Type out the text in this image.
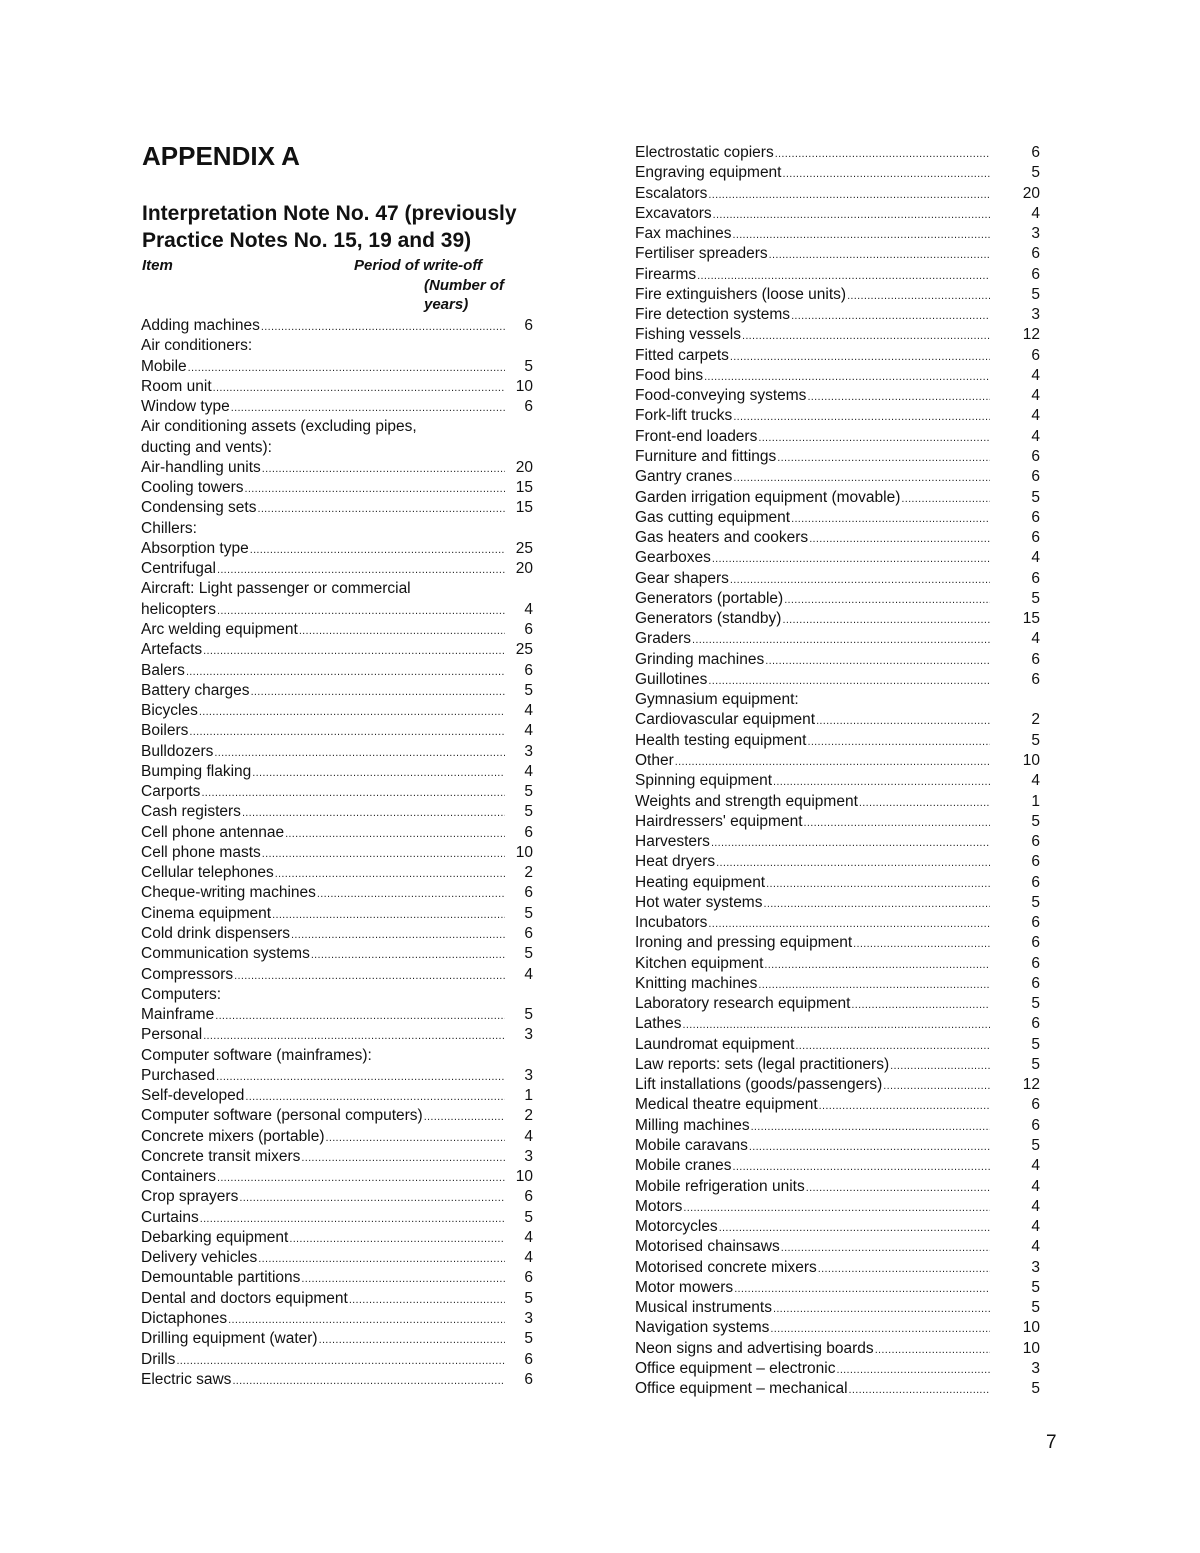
APPENDIX A
Interpretation Note No. 47 (previously
Practice Notes No. 15, 19 and 39)
Item	Period of write-off
(Number of
years)
Adding machines .....	6
Air conditioners:
Mobile .....	5
Room unit .....	10
Window type .....	6
Air conditioning assets (excluding pipes,
ducting and vents):
Air-handling units .....	20
Cooling towers .....	15
Condensing sets .....	15
Chillers:
Absorption type .....	25
Centrifugal .....	20
Aircraft: Light passenger or commercial
helicopters .....	4
Arc welding equipment .....	6
Artefacts .....	25
Balers .....	6
Battery charges .....	5
Bicycles .....	4
Boilers .....	4
Bulldozers .....	3
Bumping flaking .....	4
Carports .....	5
Cash registers .....	5
Cell phone antennae .....	6
Cell phone masts .....	10
Cellular telephones .....	2
Cheque-writing machines .....	6
Cinema equipment .....	5
Cold drink dispensers .....	6
Communication systems .....	5
Compressors .....	4
Computers:
Mainframe .....	5
Personal .....	3
Computer software (mainframes):
Purchased .....	3
Self-developed .....	1
Computer software (personal computers) .....	2
Concrete mixers (portable) .....	4
Concrete transit mixers .....	3
Containers .....	10
Crop sprayers .....	6
Curtains .....	5
Debarking equipment .....	4
Delivery vehicles .....	4
Demountable partitions .....	6
Dental and doctors equipment .....	5
Dictaphones .....	3
Drilling equipment (water) .....	5
Drills .....	6
Electric saws .....	6
Electrostatic copiers .....	6
Engraving equipment .....	5
Escalators .....	20
Excavators .....	4
Fax machines .....	3
Fertiliser spreaders .....	6
Firearms .....	6
Fire extinguishers (loose units) .....	5
Fire detection systems .....	3
Fishing vessels .....	12
Fitted carpets .....	6
Food bins .....	4
Food-conveying systems .....	4
Fork-lift trucks .....	4
Front-end loaders .....	4
Furniture and fittings .....	6
Gantry cranes .....	6
Garden irrigation equipment (movable) .....	5
Gas cutting equipment .....	6
Gas heaters and cookers .....	6
Gearboxes .....	4
Gear shapers .....	6
Generators (portable) .....	5
Generators (standby) .....	15
Graders .....	4
Grinding machines .....	6
Guillotines .....	6
Gymnasium equipment:
Cardiovascular equipment .....	2
Health testing equipment .....	5
Other .....	10
Spinning equipment .....	4
Weights and strength equipment .....	1
Hairdressers' equipment .....	5
Harvesters .....	6
Heat dryers .....	6
Heating equipment .....	6
Hot water systems .....	5
Incubators .....	6
Ironing and pressing equipment .....	6
Kitchen equipment .....	6
Knitting machines .....	6
Laboratory research equipment .....	5
Lathes .....	6
Laundromat equipment .....	5
Law reports: sets (legal practitioners) .....	5
Lift installations (goods/passengers) .....	12
Medical theatre equipment .....	6
Milling machines .....	6
Mobile caravans .....	5
Mobile cranes .....	4
Mobile refrigeration units .....	4
Motors .....	4
Motorcycles .....	4
Motorised chainsaws .....	4
Motorised concrete mixers .....	3
Motor mowers .....	5
Musical instruments .....	5
Navigation systems .....	10
Neon signs and advertising boards .....	10
Office equipment – electronic .....	3
Office equipment – mechanical .....	5
7
